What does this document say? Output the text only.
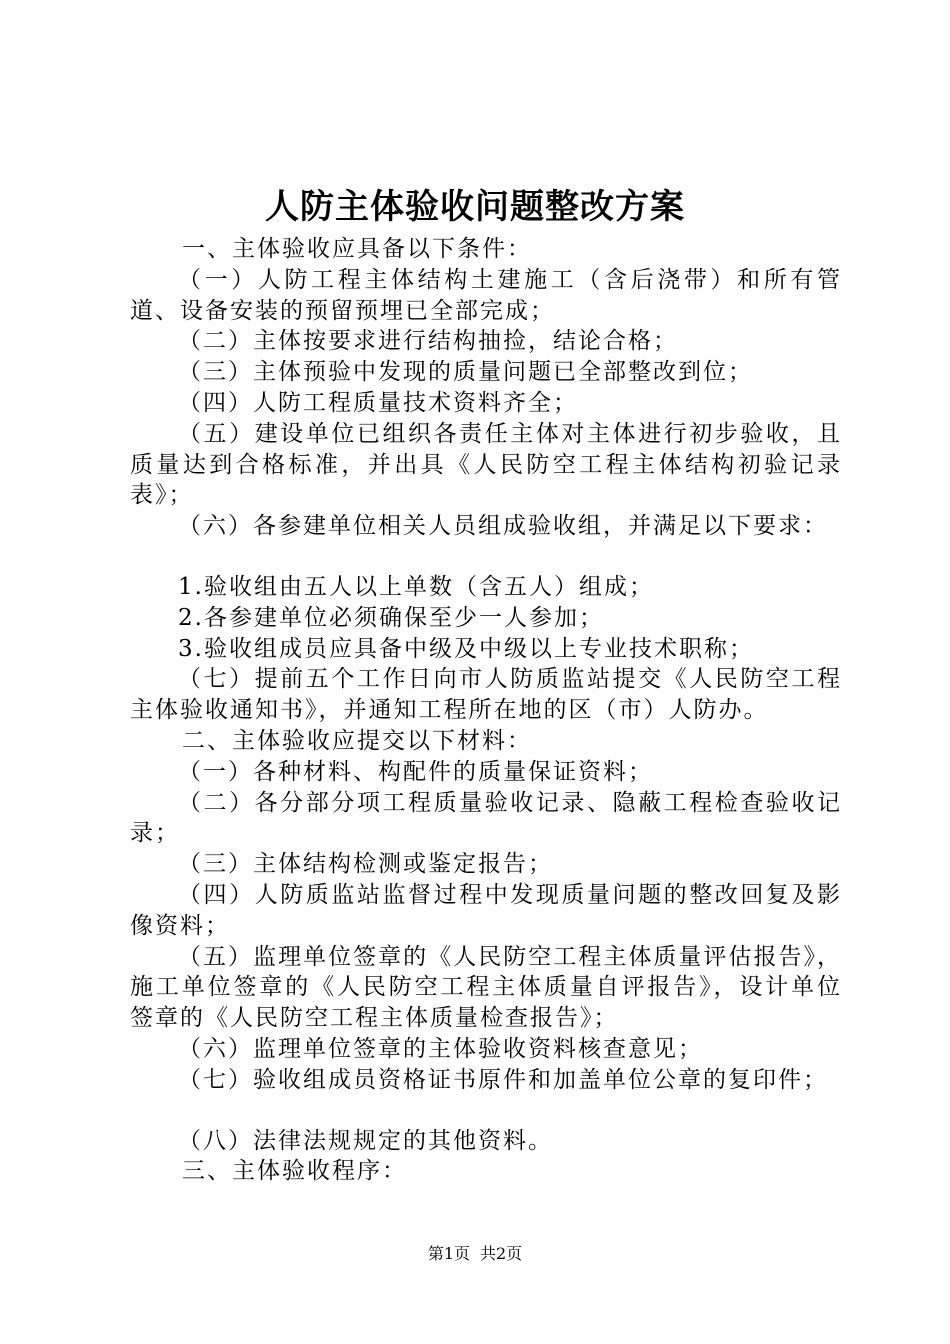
人防主体验收问题整改方案

一、主体验收应具备以下条件：

（一）人防工程主体结构土建施工（含后浇带）和所有管道、设备安装的预留预埋已全部完成；

（二）主体按要求进行结构抽捡，结论合格；

（三）主体预验中发现的质量问题已全部整改到位；

（四）人防工程质量技术资料齐全；

（五）建设单位已组织各责任主体对主体进行初步验收，且质量达到合格标准，并出具《人民防空工程主体结构初验记录表》；

（六）各参建单位相关人员组成验收组，并满足以下要求：

1.验收组由五人以上单数（含五人）组成；

2.各参建单位必须确保至少一人参加；

3.验收组成员应具备中级及中级以上专业技术职称；

（七）提前五个工作日向市人防质监站提交《人民防空工程主体验收通知书》，并通知工程所在地的区（市）人防办。

二、主体验收应提交以下材料：

（一）各种材料、构配件的质量保证资料；

（二）各分部分项工程质量验收记录、隐蔽工程检查验收记录；

（三）主体结构检测或鉴定报告；

（四）人防质监站监督过程中发现质量问题的整改回复及影像资料；

（五）监理单位签章的《人民防空工程主体质量评估报告》，施工单位签章的《人民防空工程主体质量自评报告》，设计单位签章的《人民防空工程主体质量检查报告》；

（六）监理单位签章的主体验收资料核查意见；

（七）验收组成员资格证书原件和加盖单位公章的复印件；

（八）法律法规规定的其他资料。

三、主体验收程序：

第1页 共2页
